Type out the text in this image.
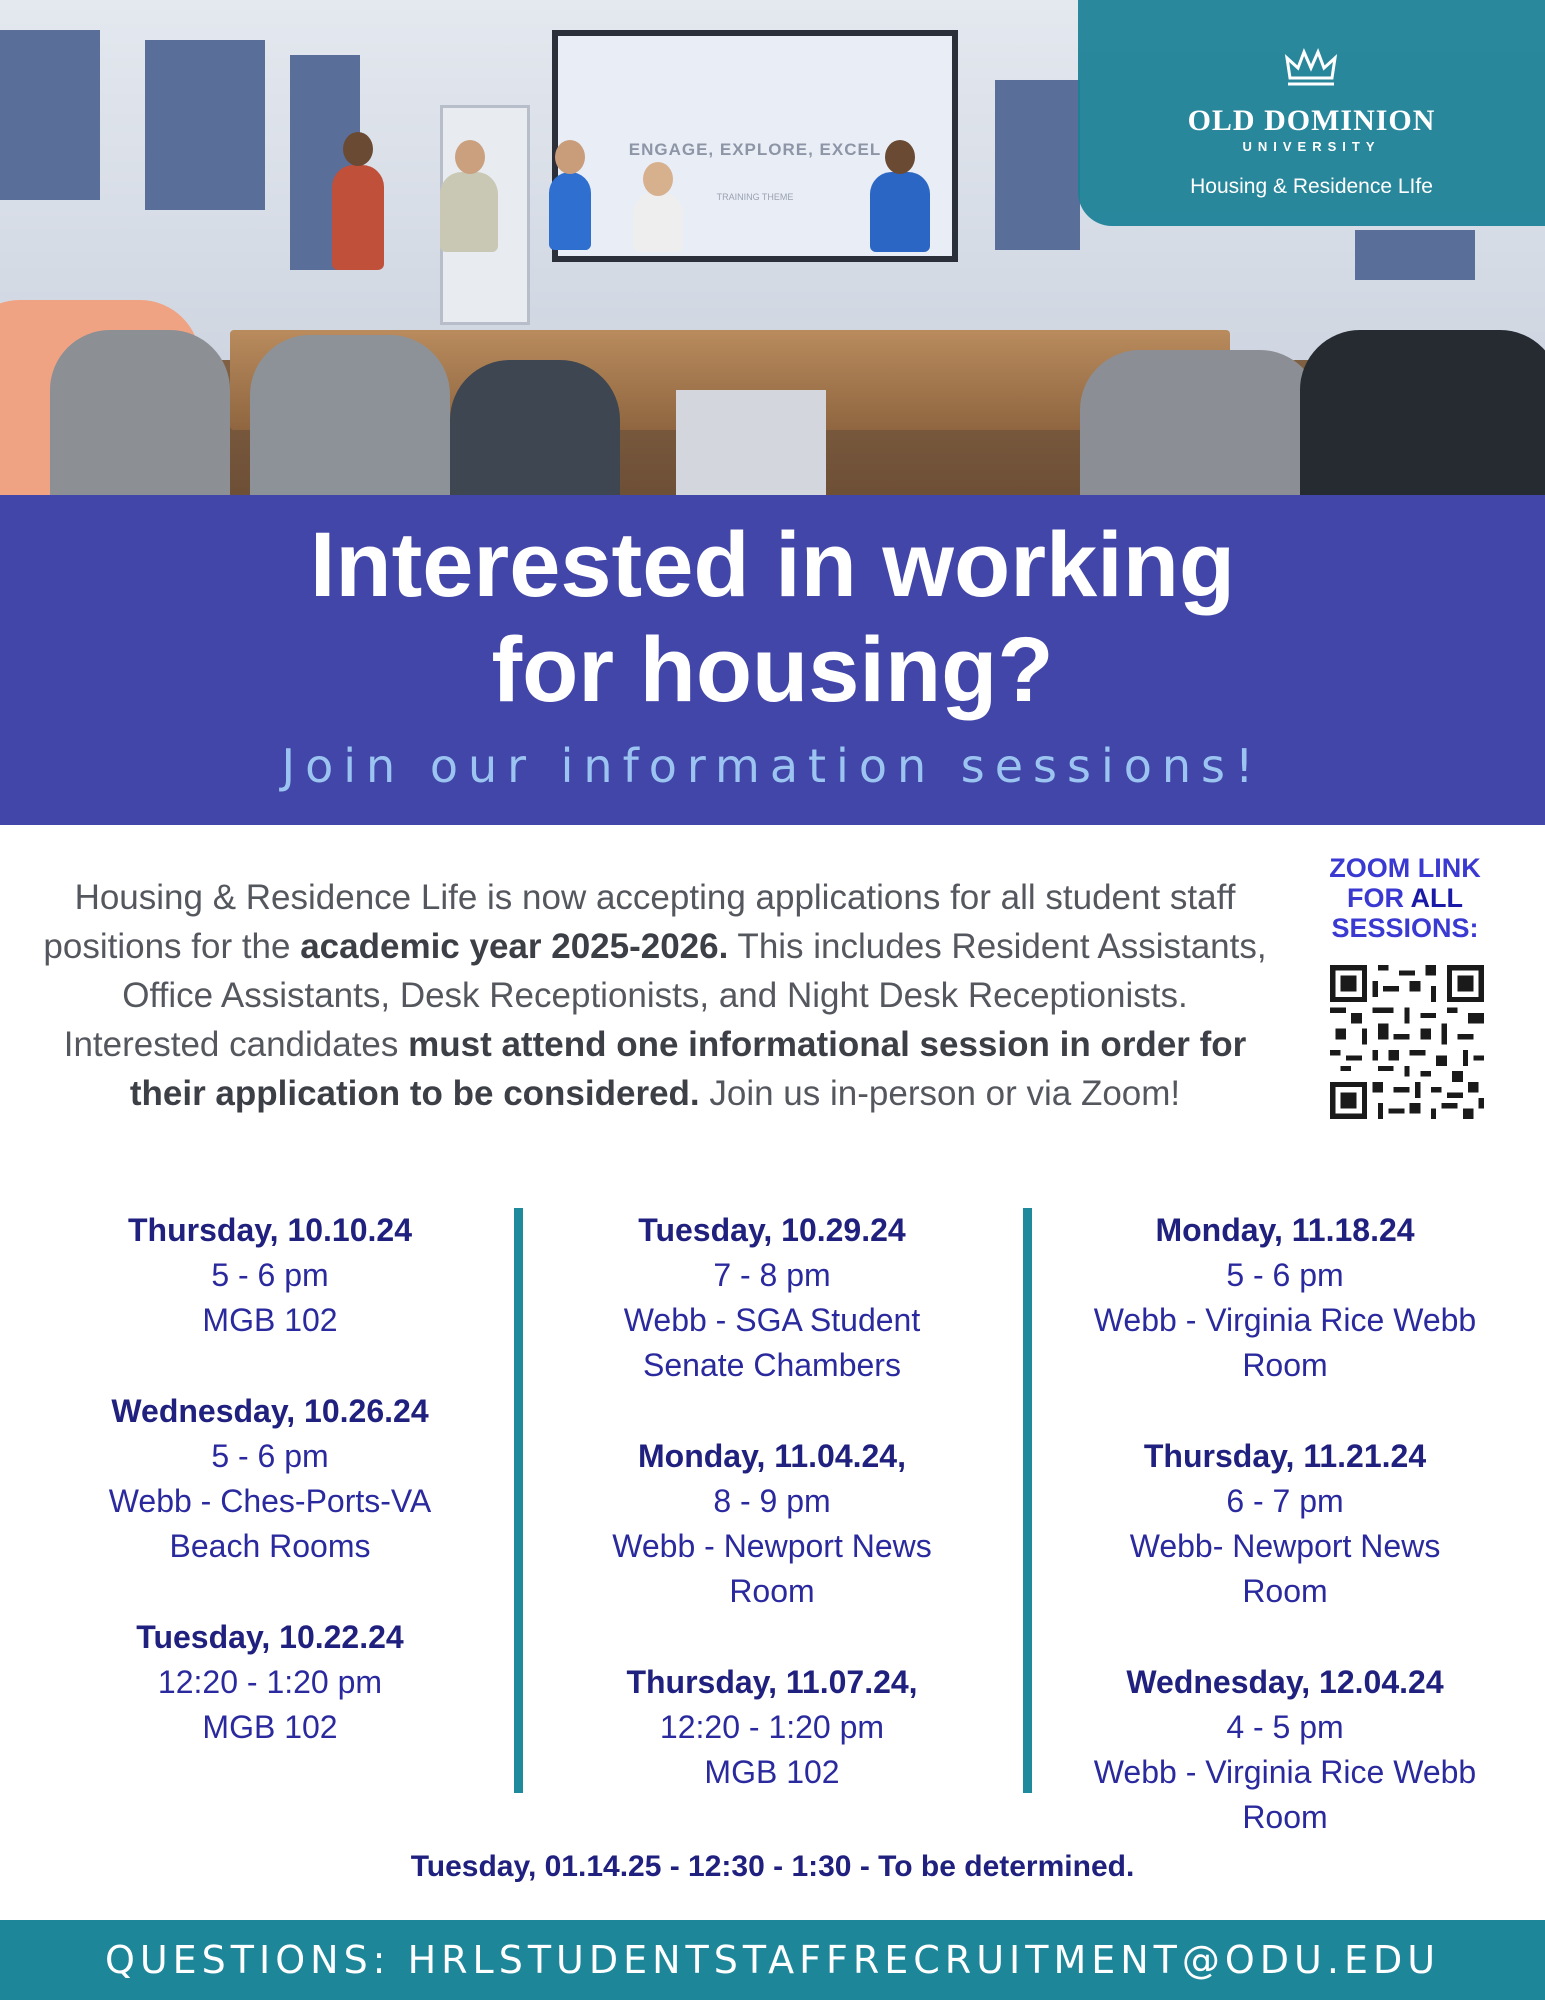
ENGAGE, EXPLORE, EXCEL
TRAINING THEME
OLD DOMINION
UNIVERSITY
Housing & Residence LIfe
Interested in working
for housing?
Join our information sessions!

Housing & Residence Life is now accepting applications for all student staff positions for the academic year 2025-2026. This includes Resident Assistants, Office Assistants, Desk Receptionists, and Night Desk Receptionists. Interested candidates must attend one informational session in order for their application to be considered. Join us in-person or via Zoom!

ZOOM LINK
FOR ALL
SESSIONS:
Thursday, 10.10.24
5 - 6 pm
MGB 102
Wednesday, 10.26.24
5 - 6 pm
Webb - Ches-Ports-VA
Beach Rooms
Tuesday, 10.22.24
12:20 - 1:20 pm
MGB 102
Tuesday, 10.29.24
7 - 8 pm
Webb - SGA Student
Senate Chambers
Monday, 11.04.24,
8 - 9 pm
Webb - Newport News
Room
Thursday, 11.07.24,
12:20 - 1:20 pm
MGB 102
Monday, 11.18.24
5 - 6 pm
Webb - Virginia Rice Webb
Room
Thursday, 11.21.24
6 - 7 pm
Webb- Newport News
Room
Wednesday, 12.04.24
4 - 5 pm
Webb - Virginia Rice Webb
Room
Tuesday, 01.14.25 - 12:30 - 1:30 - To be determined.
QUESTIONS: HRLSTUDENTSTAFFRECRUITMENT@ODU.EDU
